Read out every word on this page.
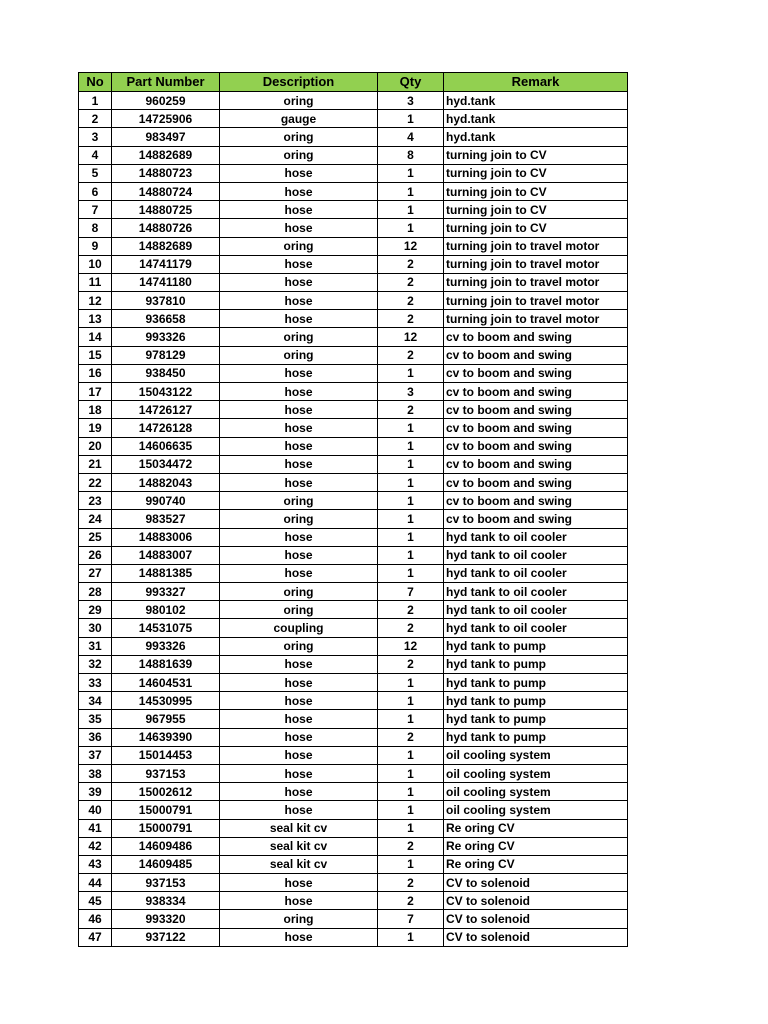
No	Part Number	Description	Qty	Remark
1	960259	oring	3	hyd.tank
2	14725906	gauge	1	hyd.tank
3	983497	oring	4	hyd.tank
4	14882689	oring	8	turning join to CV
5	14880723	hose	1	turning join to CV
6	14880724	hose	1	turning join to CV
7	14880725	hose	1	turning join to CV
8	14880726	hose	1	turning join to CV
9	14882689	oring	12	turning join to travel motor
10	14741179	hose	2	turning join to travel motor
11	14741180	hose	2	turning join to travel motor
12	937810	hose	2	turning join to travel motor
13	936658	hose	2	turning join to travel motor
14	993326	oring	12	cv to boom and swing
15	978129	oring	2	cv to boom and swing
16	938450	hose	1	cv to boom and swing
17	15043122	hose	3	cv to boom and swing
18	14726127	hose	2	cv to boom and swing
19	14726128	hose	1	cv to boom and swing
20	14606635	hose	1	cv to boom and swing
21	15034472	hose	1	cv to boom and swing
22	14882043	hose	1	cv to boom and swing
23	990740	oring	1	cv to boom and swing
24	983527	oring	1	cv to boom and swing
25	14883006	hose	1	hyd tank to oil cooler
26	14883007	hose	1	hyd tank to oil cooler
27	14881385	hose	1	hyd tank to oil cooler
28	993327	oring	7	hyd tank to oil cooler
29	980102	oring	2	hyd tank to oil cooler
30	14531075	coupling	2	hyd tank to oil cooler
31	993326	oring	12	hyd tank to pump
32	14881639	hose	2	hyd tank to pump
33	14604531	hose	1	hyd tank to pump
34	14530995	hose	1	hyd tank to pump
35	967955	hose	1	hyd tank to pump
36	14639390	hose	2	hyd tank to pump
37	15014453	hose	1	oil cooling system
38	937153	hose	1	oil cooling system
39	15002612	hose	1	oil cooling system
40	15000791	hose	1	oil cooling system
41	15000791	seal kit cv	1	Re oring CV
42	14609486	seal kit cv	2	Re oring CV
43	14609485	seal kit cv	1	Re oring CV
44	937153	hose	2	CV to solenoid
45	938334	hose	2	CV to solenoid
46	993320	oring	7	CV to solenoid
47	937122	hose	1	CV to solenoid
